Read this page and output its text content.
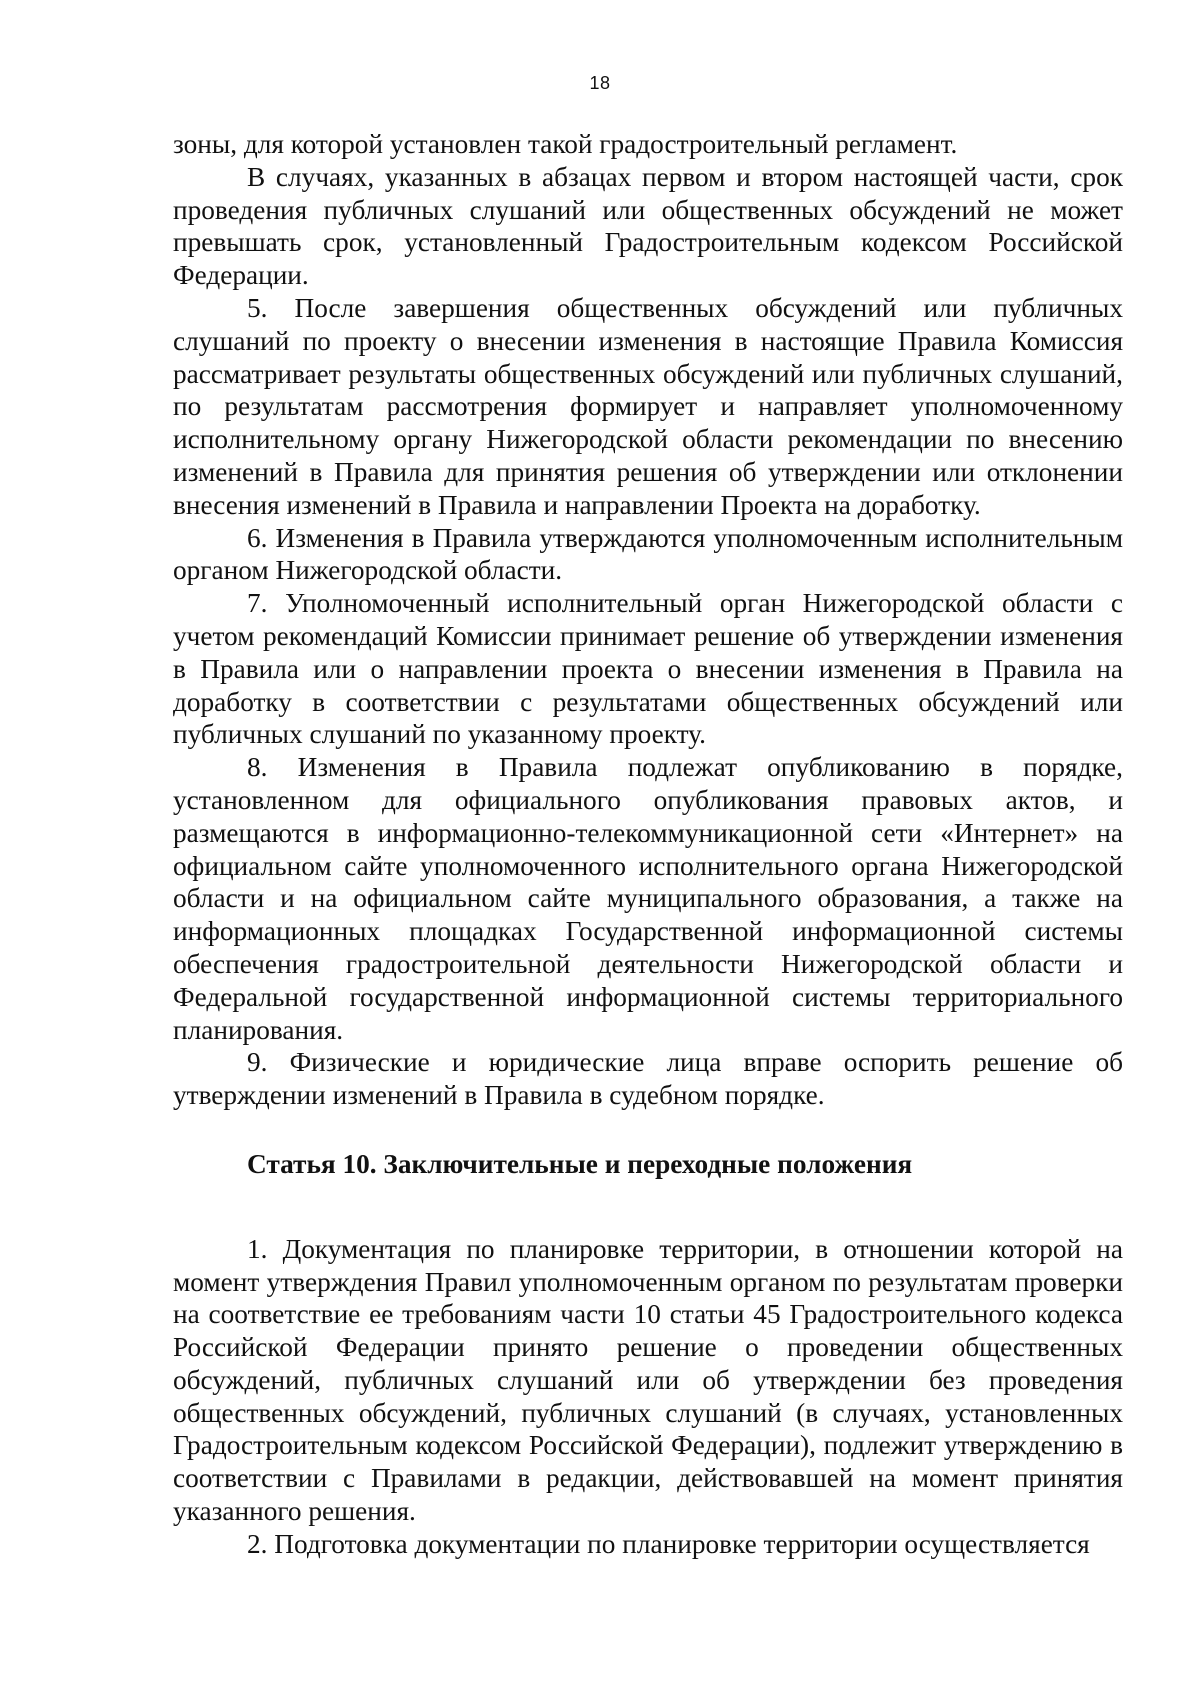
18

зоны, для которой установлен такой градостроительный регламент.

В случаях, указанных в абзацах первом и втором настоящей части, срок проведения публичных слушаний или общественных обсуждений не может превышать срок, установленный Градостроительным кодексом Российской Федерации.

5. После завершения общественных обсуждений или публичных слушаний по проекту о внесении изменения в настоящие Правила Комиссия рассматривает результаты общественных обсуждений или публичных слушаний, по результатам рассмотрения формирует и направляет уполномоченному исполнительному органу Нижегородской области рекомендации по внесению изменений в Правила для принятия решения об утверждении или отклонении внесения изменений в Правила и направлении Проекта на доработку.

6. Изменения в Правила утверждаются уполномоченным исполнительным органом Нижегородской области.

7. Уполномоченный исполнительный орган Нижегородской области с учетом рекомендаций Комиссии принимает решение об утверждении изменения в Правила или о направлении проекта о внесении изменения в Правила на доработку в соответствии с результатами общественных обсуждений или публичных слушаний по указанному проекту.

8. Изменения в Правила подлежат опубликованию в порядке, установленном для официального опубликования правовых актов, и размещаются в информационно-телекоммуникационной сети «Интернет» на официальном сайте уполномоченного исполнительного органа Нижегородской области и на официальном сайте муниципального образования, а также на информационных площадках Государственной информационной системы обеспечения градостроительной деятельности Нижегородской области и Федеральной государственной информационной системы территориального планирования.

9. Физические и юридические лица вправе оспорить решение об утверждении изменений в Правила в судебном порядке.

Статья 10. Заключительные и переходные положения

1. Документация по планировке территории, в отношении которой на момент утверждения Правил уполномоченным органом по результатам проверки на соответствие ее требованиям части 10 статьи 45 Градостроительного кодекса Российской Федерации принято решение о проведении общественных обсуждений, публичных слушаний или об утверждении без проведения общественных обсуждений, публичных слушаний (в случаях, установленных Градостроительным кодексом Российской Федерации), подлежит утверждению в соответствии с Правилами в редакции, действовавшей на момент принятия указанного решения.

2. Подготовка документации по планировке территории осуществляется
